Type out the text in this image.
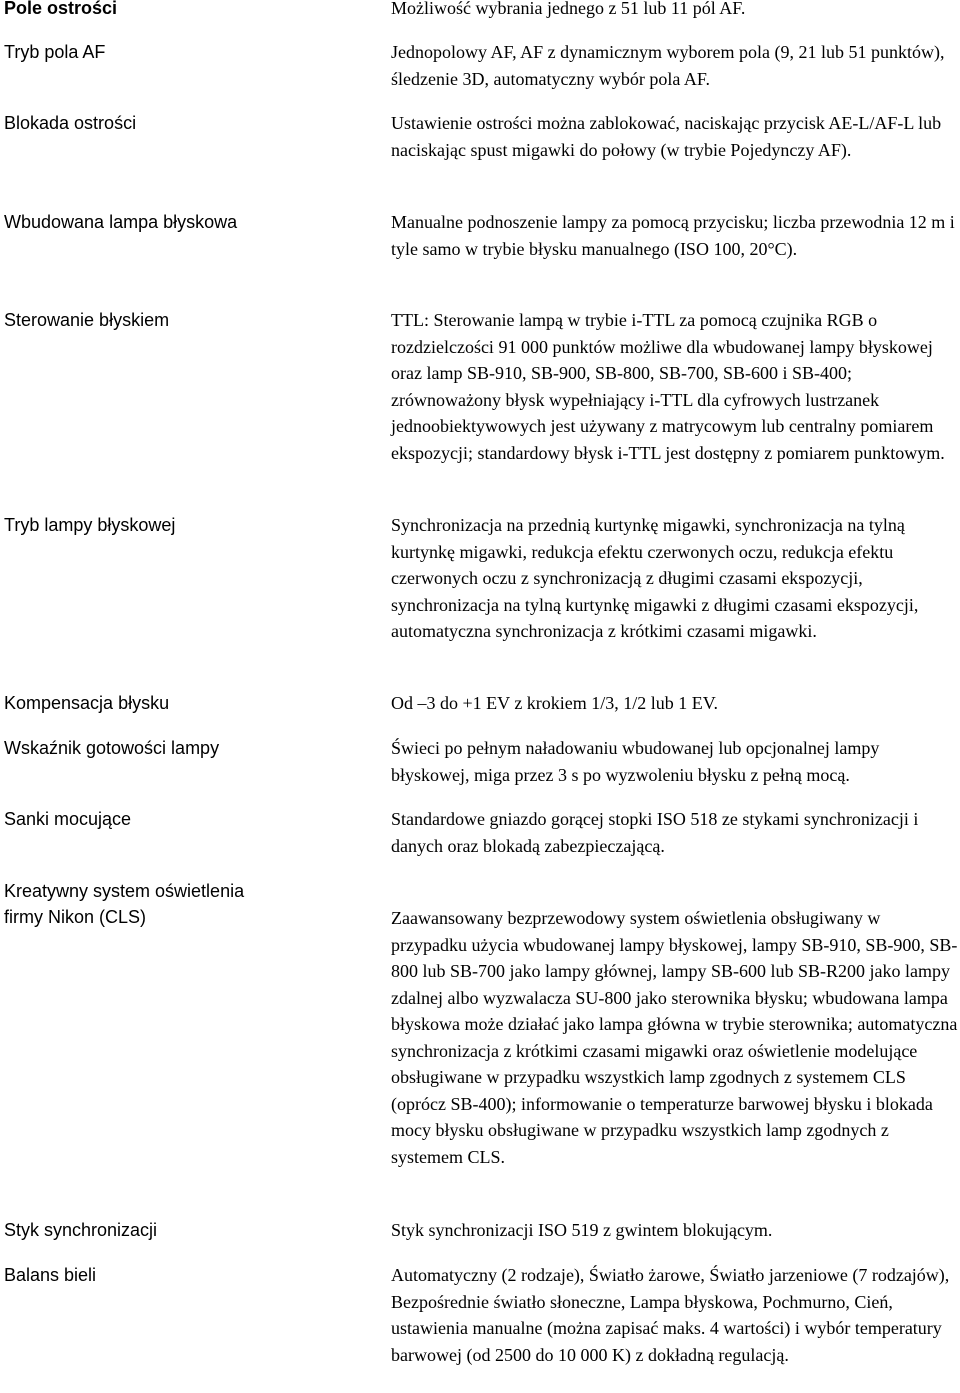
Pole ostrości	Możliwość wybrania jednego z 51 lub 11 pól AF.
Tryb pola AF	Jednopolowy AF, AF z dynamicznym wyborem pola (9, 21 lub 51 punktów), śledzenie 3D, automatyczny wybór pola AF.
Blokada ostrości	Ustawienie ostrości można zablokować, naciskając przycisk AE-L/AF-L lub naciskając spust migawki do połowy (w trybie Pojedynczy AF).
Wbudowana lampa błyskowa	Manualne podnoszenie lampy za pomocą przycisku; liczba przewodnia 12 m i tyle samo w trybie błysku manualnego (ISO 100, 20°C).
Sterowanie błyskiem	TTL: Sterowanie lampą w trybie i-TTL za pomocą czujnika RGB o rozdzielczości 91 000 punktów możliwe dla wbudowanej lampy błyskowej oraz lamp SB-910, SB-900, SB-800, SB-700, SB-600 i SB-400; zrównoważony błysk wypełniający i-TTL dla cyfrowych lustrzanek jednoobiektywowych jest używany z matrycowym lub centralny pomiarem ekspozycji; standardowy błysk i-TTL jest dostępny z pomiarem punktowym.
Tryb lampy błyskowej	Synchronizacja na przednią kurtynkę migawki, synchronizacja na tylną kurtynkę migawki, redukcja efektu czerwonych oczu, redukcja efektu czerwonych oczu z synchronizacją z długimi czasami ekspozycji, synchronizacja na tylną kurtynkę migawki z długimi czasami ekspozycji, automatyczna synchronizacja z krótkimi czasami migawki.
Kompensacja błysku	Od –3 do +1 EV z krokiem 1/3, 1/2 lub 1 EV.
Wskaźnik gotowości lampy	Świeci po pełnym naładowaniu wbudowanej lub opcjonalnej lampy błyskowej, miga przez 3 s po wyzwoleniu błysku z pełną mocą.
Sanki mocujące	Standardowe gniazdo gorącej stopki ISO 518 ze stykami synchronizacji i danych oraz blokadą zabezpieczającą.
Kreatywny system oświetlenia firmy Nikon (CLS)	Zaawansowany bezprzewodowy system oświetlenia obsługiwany w przypadku użycia wbudowanej lampy błyskowej, lampy SB-910, SB-900, SB-800 lub SB-700 jako lampy głównej, lampy SB-600 lub SB-R200 jako lampy zdalnej albo wyzwalacza SU-800 jako sterownika błysku; wbudowana lampa błyskowa może działać jako lampa główna w trybie sterownika; automatyczna synchronizacja z krótkimi czasami migawki oraz oświetlenie modelujące obsługiwane w przypadku wszystkich lamp zgodnych z systemem CLS (oprócz SB-400); informowanie o temperaturze barwowej błysku i blokada mocy błysku obsługiwane w przypadku wszystkich lamp zgodnych z systemem CLS.
Styk synchronizacji	Styk synchronizacji ISO 519 z gwintem blokującym.
Balans bieli	Automatyczny (2 rodzaje), Światło żarowe, Światło jarzeniowe (7 rodzajów), Bezpośrednie światło słoneczne, Lampa błyskowa, Pochmurno, Cień, ustawienia manualne (można zapisać maks. 4 wartości) i wybór temperatury barwowej (od 2500 do 10 000 K) z dokładną regulacją.
